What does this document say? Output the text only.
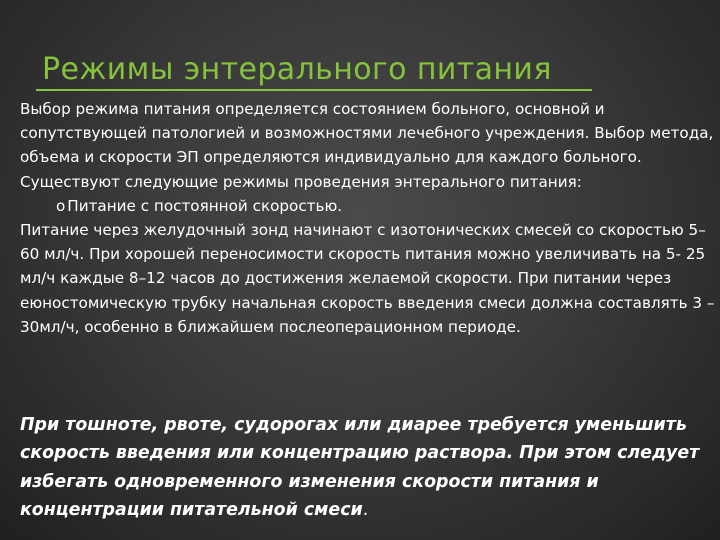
Режимы энтерального питания

Выбор режима питания определяется состоянием больного, основной и сопутствующей патологией и возможностями лечебного учреждения. Выбор метода, объема и скорости ЭП определяются индивидуально для каждого больного.

Существуют следующие режимы проведения энтерального питания:

o Питание с постоянной скоростью.

Питание через желудочный зонд начинают с изотонических смесей со скоростью 5–60 мл/ч. При хорошей переносимости скорость питания можно увеличивать на 5- 25 мл/ч каждые 8–12 часов до достижения желаемой скорости. При питании через еюностомическую трубку начальная скорость введения смеси должна составлять 3 –30мл/ч, особенно в ближайшем послеоперационном периоде.

При тошноте, рвоте, судорогах или диарее требуется уменьшить скорость введения или концентрацию раствора. При этом следует избегать одновременного изменения скорости питания и концентрации питательной смеси.
